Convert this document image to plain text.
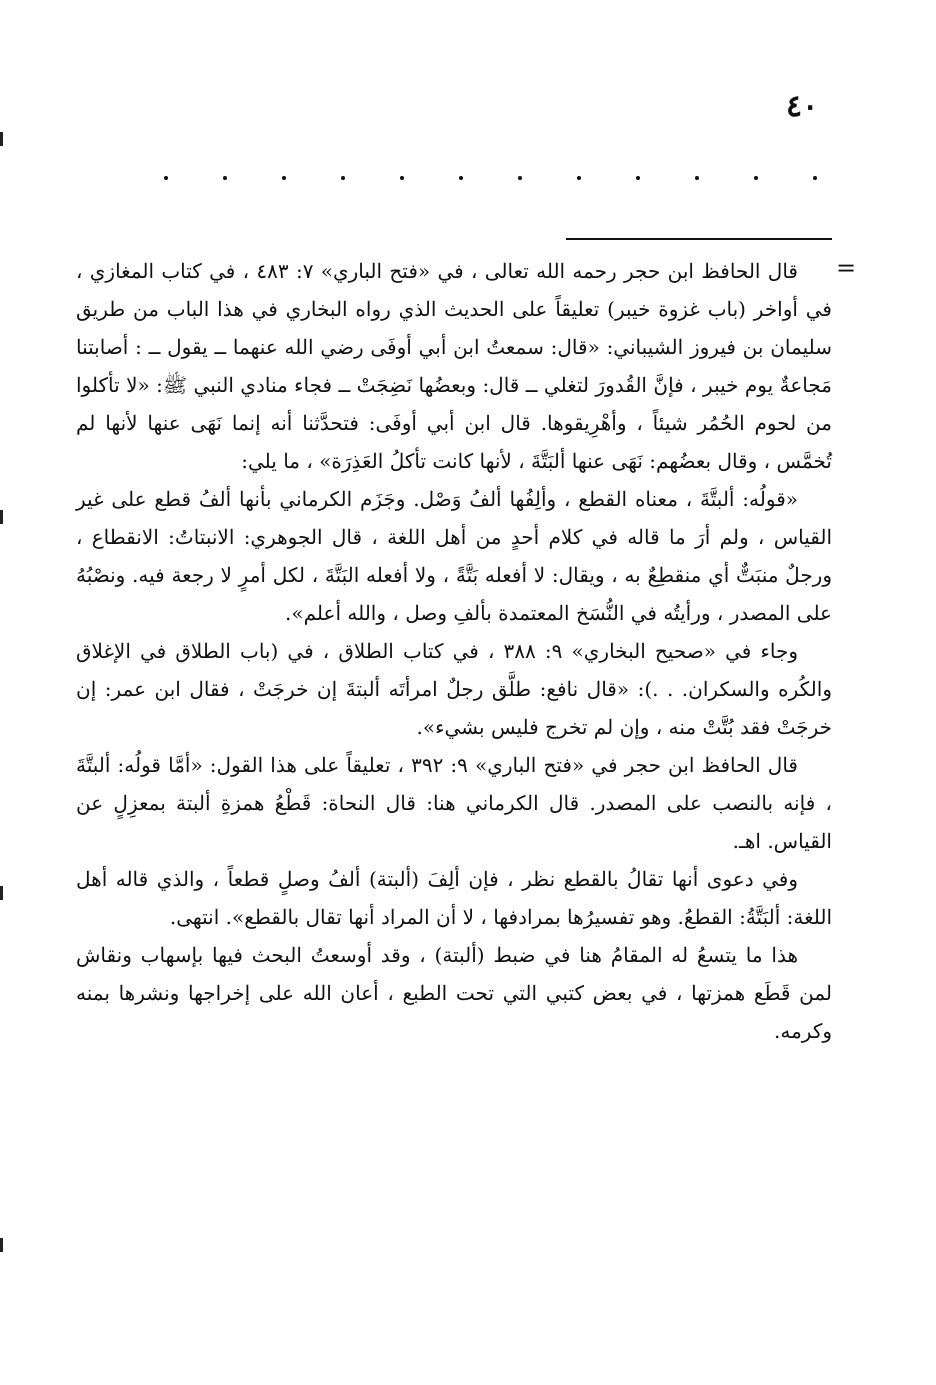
٤٠
=

قال الحافظ ابن حجر رحمه الله تعالى ، في «فتح الباري» ٧: ٤٨٣ ، في كتاب المغازي ، في أواخر (باب غزوة خيبر) تعليقاً على الحديث الذي رواه البخاري في هذا الباب من طريق سليمان بن فيروز الشيباني: «قال: سمعتُ ابن أبي أوفَى رضي الله عنهما ــ يقول ــ : أصابتنا مَجاعةٌ يوم خيبر ، فإنَّ القُدورَ لتغلي ــ قال: وبعضُها نَضِجَتْ ــ فجاء منادي النبي ﷺ: «لا تأكلوا من لحوم الحُمُر شيئاً ، وأهْرِيقوها. قال ابن أبي أوفَى: فتحدَّثنا أنه إنما نَهَى عنها لأنها لم تُخمَّس ، وقال بعضُهم: نَهَى عنها ألبَتَّةَ ، لأنها كانت تأكلُ العَذِرَة» ، ما يلي:

«قولُه: ألبتَّةَ ، معناه القطع ، وألِفُها ألفُ وَصْل. وجَزَم الكرماني بأنها ألفُ قطع على غير القياس ، ولم أرَ ما قاله في كلام أحدٍ من أهل اللغة ، قال الجوهري: الانبتاتُ: الانقطاع ، ورجلٌ منبَتٌّ أي منقطِعٌ به ، ويقال: لا أفعله بَتَّةً ، ولا أفعله البَتَّةَ ، لكل أمرٍ لا رجعة فيه. ونصْبُهُ على المصدر ، ورأيتُه في النُّسَخ المعتمدة بألفِ وصل ، والله أعلم».

وجاء في «صحيح البخاري» ٩: ٣٨٨ ، في كتاب الطلاق ، في (باب الطلاق في الإغلاق والكُره والسكران. . .): «قال نافع: طلَّق رجلٌ امرأتَه ألبتةَ إن خرجَتْ ، فقال ابن عمر: إن خرجَتْ فقد بُتَّتْ منه ، وإن لم تخرج فليس بشيء».

قال الحافظ ابن حجر في «فتح الباري» ٩: ٣٩٢ ، تعليقاً على هذا القول: «أمَّا قولُه: ألبتَّةَ ، فإنه بالنصب على المصدر. قال الكرماني هنا: قال النحاة: قَطْعُ همزةِ ألبتة بمعزِلٍ عن القياس. اهـ.

وفي دعوى أنها تقالُ بالقطع نظر ، فإن ألِفَ (ألبتة) ألفُ وصلٍ قطعاً ، والذي قاله أهل اللغة: ألبَتَّةُ: القطعُ. وهو تفسيرُها بمرادفها ، لا أن المراد أنها تقال بالقطع». انتهى.

هذا ما يتسعُ له المقامُ هنا في ضبط (ألبتة) ، وقد أوسعتُ البحث فيها بإسهاب ونقاش لمن قَطَع همزتها ، في بعض كتبي التي تحت الطبع ، أعان الله على إخراجها ونشرها بمنه وكرمه.
